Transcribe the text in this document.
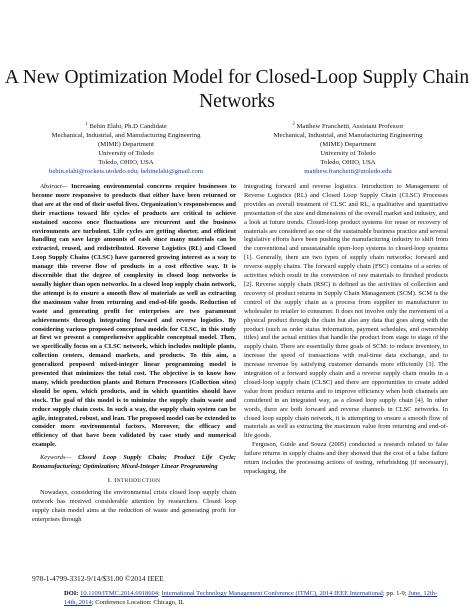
A New Optimization Model for Closed-Loop Supply Chain Networks
$^1$ Behin Elahi, Ph.D Candidate
Mechanical, Industrial, and Manufacturing Engineering
(MIME) Department
University of Toledo
Toledo, OHIO, USA
behin.elahi@rockets.utoledo.edu; behinelahi@gmail.com
$^2$ Matthew Franchetti, Assistant Professor
Mechanical, Industrial, and Manufacturing Engineering
(MIME) Department
University of Toledo
Toledo, OHIO, USA
matthew.franchetti@utoledo.edu

Abstract— Increasing environmental concerns require businesses to become more responsive to products that either have been returned or that are at the end of their useful lives. Organization's responsiveness and their reactions toward life cycles of products are critical to achieve sustained success once fluctuations are recurrent and the business environments are turbulent. Life cycles are getting shorter, and efficient handling can save large amounts of cash since many materials can be extracted, reused, and redistributed. Reverse Logistics (RL) and Closed Loop Supply Chains (CLSC) have garnered growing interest as a way to manage this reverse flow of products in a cost effective way. It is discernible that the degree of complexity in closed loop networks is usually higher than open networks. In a closed loop supply chain network, the attempt is to ensure a smooth flow of materials as well as extracting the maximum value from returning and end-of-life goods. Reduction of waste and generating profit for enterprises are two paramount achievements through integrating forward and reverse logistics. By considering various proposed conceptual models for CLSC, in this study at first we present a comprehensive applicable conceptual model. Then, we specifically focus on a CLSC network, which includes multiple plants, collection centers, demand markets, and products. To this aim, a generalized proposed mixed-integer linear programming model is presented that minimizes the total cost. The objective is to know how many, which production plants and Return Processors (Collection sites) should be open, which products, and in which quantities should have stock. The goal of this model is to minimize the supply chain waste and reduce supply chain costs. In such a way, the supply chain system can be agile, integrated, robust, and lean. The proposed model can be extended to consider more environmental factors. Moreover, the efficacy and efficiency of that have been validated by case study and numerical example.

Keywords— Closed Loop Supply Chain; Product Life Cycle; Remanufacturing; Optimization; Mixed-Integer Linear Programming

I. INTRODUCTION

Nowadays, considering the environmental crisis closed loop supply chain network has received considerable attention by researchers. Closed loop supply chain model aims at the reduction of waste and generating profit for enterprises through

integrating forward and reverse logistics. Introduction to Management of Reverse Logistics (RL) and Closed Loop Supply Chain (CLSC) Processes provides an overall treatment of CLSC and RL, a qualitative and quantitative presentation of the size and dimensions of the overall market and industry, and a look at future trends. Closed-loop product systems for reuse or recovery of materials are considered as one of the sustainable business practice and several legislative efforts have been pushing the manufacturing industry to shift from the conventional and unsustainable open-loop systems to closed-loop systems [1]. Generally, there are two types of supply chain networks: forward and reverse supply chains. The forward supply chain (FSC) contains of a series of activities which result in the conversion of raw materials to finished products [2]. Reverse supply chain (RSC) is defined as the activities of collection and recovery of product returns in Supply Chain Management (SCM). SCM is the control of the supply chain as a process from supplier to manufacturer to wholesaler to retailer to consumer. It does not involve only the movement of a physical product through the chain but also any data that goes along with the product (such as order status information, payment schedules, and ownership titles) and the actual entities that handle the product from stage to stage of the supply chain. There are essentially three goals of SCM: to reduce inventory, to increase the speed of transactions with real-time data exchange, and to increase revenue by satisfying customer demands more efficiently [3]. The integration of a forward supply chain and a reverse supply chain results in a closed-loop supply chain (CLSC) and there are opportunities to create added value from product returns and to improve efficiency when both channels are considered in an integrated way, as a closed loop supply chain [4]. In other words, there are both forward and reverse channels in CLSC networks. In closed loop supply chain network, it is attempting to ensure a smooth flow of materials as well as extracting the maximum value from returning and end-of-life goods.

Ferguson, Guide and Souza (2005) conducted a research related to false failure returns in supply chains and they showed that the cost of a false failure return includes the processing actions of testing, refurbishing (if necessary), repackaging, the

978-1-4799-3312-9/14/$31.00 ©2014 IEEE
DOI: 10.1109/ITMC.2014.6918604; International Technology Management Conference (ITMC), 2014 IEEE International; pp. 1-9; June, 12th-14th, 2014; Conference Location: Chicago, IL
